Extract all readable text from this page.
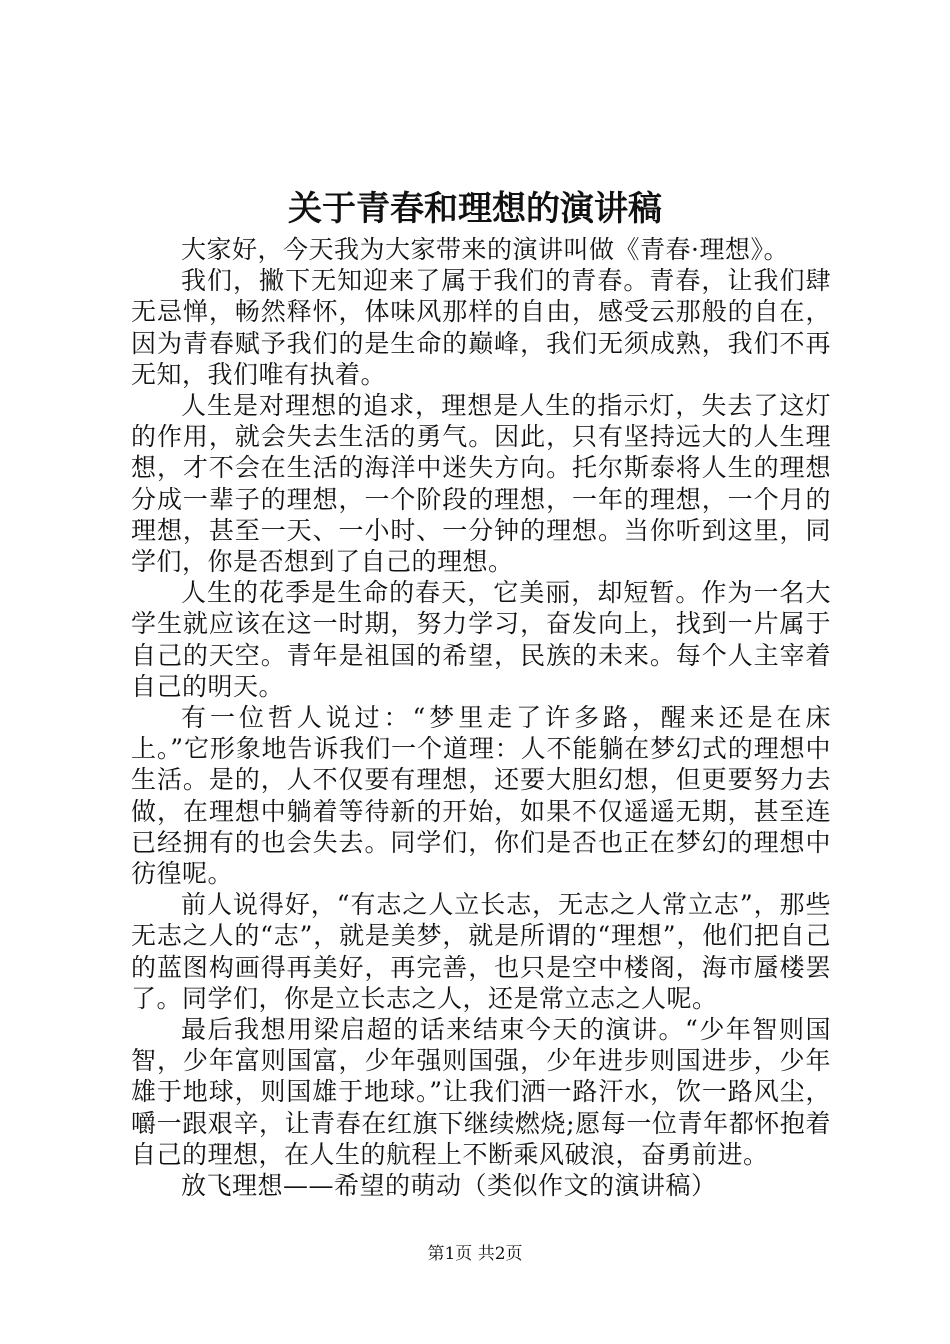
关于青春和理想的演讲稿

大家好，今天我为大家带来的演讲叫做《青春·理想》。

我们，撇下无知迎来了属于我们的青春。青春，让我们肆无忌惮，畅然释怀，体味风那样的自由，感受云那般的自在，因为青春赋予我们的是生命的巅峰，我们无须成熟，我们不再无知，我们唯有执着。

人生是对理想的追求，理想是人生的指示灯，失去了这灯的作用，就会失去生活的勇气。因此，只有坚持远大的人生理想，才不会在生活的海洋中迷失方向。托尔斯泰将人生的理想分成一辈子的理想，一个阶段的理想，一年的理想，一个月的理想，甚至一天、一小时、一分钟的理想。当你听到这里，同学们，你是否想到了自己的理想。

人生的花季是生命的春天，它美丽，却短暂。作为一名大学生就应该在这一时期，努力学习，奋发向上，找到一片属于自己的天空。青年是祖国的希望，民族的未来。每个人主宰着自己的明天。

有一位哲人说过：“梦里走了许多路，醒来还是在床上。”它形象地告诉我们一个道理：人不能躺在梦幻式的理想中生活。是的，人不仅要有理想，还要大胆幻想，但更要努力去做，在理想中躺着等待新的开始，如果不仅遥遥无期，甚至连已经拥有的也会失去。同学们，你们是否也正在梦幻的理想中彷徨呢。

前人说得好，“有志之人立长志，无志之人常立志”，那些无志之人的“志”，就是美梦，就是所谓的“理想”，他们把自己的蓝图构画得再美好，再完善，也只是空中楼阁，海市蜃楼罢了。同学们，你是立长志之人，还是常立志之人呢。

最后我想用梁启超的话来结束今天的演讲。“少年智则国智，少年富则国富，少年强则国强，少年进步则国进步，少年雄于地球，则国雄于地球。”让我们洒一路汗水，饮一路风尘，嚼一跟艰辛，让青春在红旗下继续燃烧;愿每一位青年都怀抱着自己的理想，在人生的航程上不断乘风破浪，奋勇前进。

放飞理想——希望的萌动（类似作文的演讲稿）

第1页 共2页
